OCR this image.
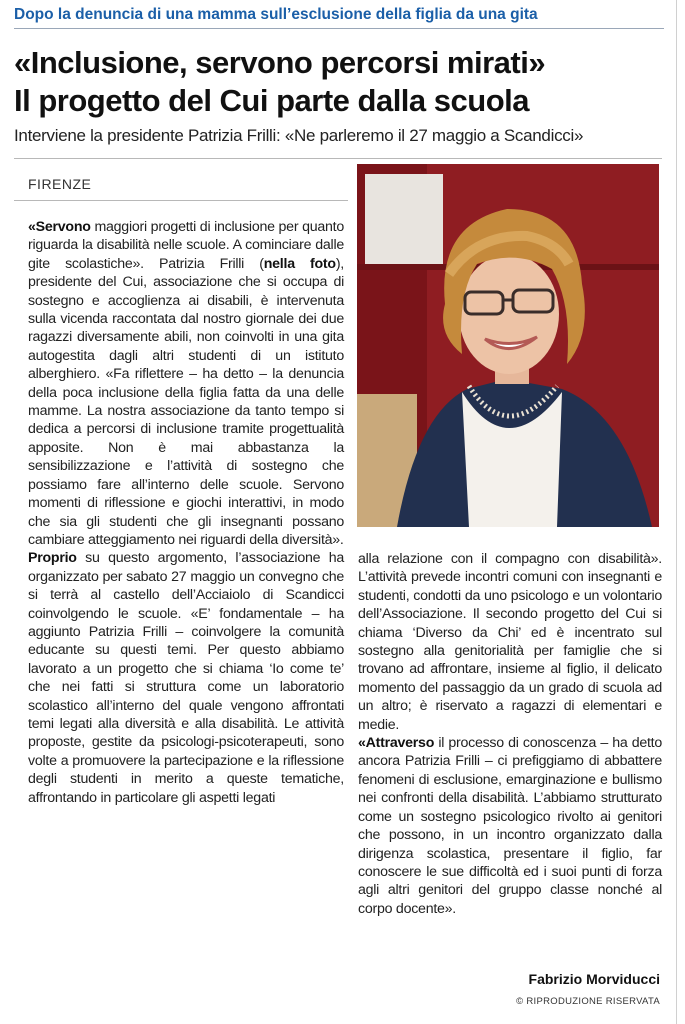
Dopo la denuncia di una mamma sull’esclusione della figlia da una gita
«Inclusione, servono percorsi mirati»
Il progetto del Cui parte dalla scuola
Interviene la presidente Patrizia Frilli: «Ne parleremo il 27 maggio a Scandicci»
FIRENZE

«Servono maggiori progetti di inclusione per quanto riguarda la disabilità nelle scuole. A cominciare dalle gite scolastiche». Patrizia Frilli (nella foto), presidente del Cui, associazione che si occupa di sostegno e accoglienza ai disabili, è intervenuta sulla vicenda raccontata dal nostro giornale dei due ragazzi diversamente abili, non coinvolti in una gita autogestita dagli altri studenti di un istituto alberghiero. «Fa riflettere – ha detto – la denuncia della poca inclusione della figlia fatta da una delle mamme. La nostra associazione da tanto tempo si dedica a percorsi di inclusione tramite progettualità apposite. Non è mai abbastanza la sensibilizzazione e l’attività di sostegno che possiamo fare all’interno delle scuole. Servono momenti di riflessione e giochi interattivi, in modo che sia gli studenti che gli insegnanti possano cambiare atteggiamento nei riguardi della diversità».

Proprio su questo argomento, l’associazione ha organizzato per sabato 27 maggio un convegno che si terrà al castello dell’Acciaiolo di Scandicci coinvolgendo le scuole. «E’ fondamentale – ha aggiunto Patrizia Frilli – coinvolgere la comunità educante su questi temi. Per questo abbiamo lavorato a un progetto che si chiama ‘Io come te’ che nei fatti si struttura come un laboratorio scolastico all’interno del quale vengono affrontati temi legati alla diversità e alla disabilità. Le attività proposte, gestite da psicologi-psicoterapeuti, sono volte a promuovere la partecipazione e la riflessione degli studenti in merito a queste tematiche, affrontando in particolare gli aspetti legati

alla relazione con il compagno con disabilità». L’attività prevede incontri comuni con insegnanti e studenti, condotti da uno psicologo e un volontario dell’Associazione. Il secondo progetto del Cui si chiama ‘Diverso da Chi’ ed è incentrato sul sostegno alla genitorialità per famiglie che si trovano ad affrontare, insieme al figlio, il delicato momento del passaggio da un grado di scuola ad un altro; è riservato a ragazzi di elementari e medie.

«Attraverso il processo di conoscenza – ha detto ancora Patrizia Frilli – ci prefiggiamo di abbattere fenomeni di esclusione, emarginazione e bullismo nei confronti della disabilità. L’abbiamo strutturato come un sostegno psicologico rivolto ai genitori che possono, in un incontro organizzato dalla dirigenza scolastica, presentare il figlio, far conoscere le sue difficoltà ed i suoi punti di forza agli altri genitori del gruppo classe nonché al corpo docente».

Fabrizio Morviducci
© RIPRODUZIONE RISERVATA
